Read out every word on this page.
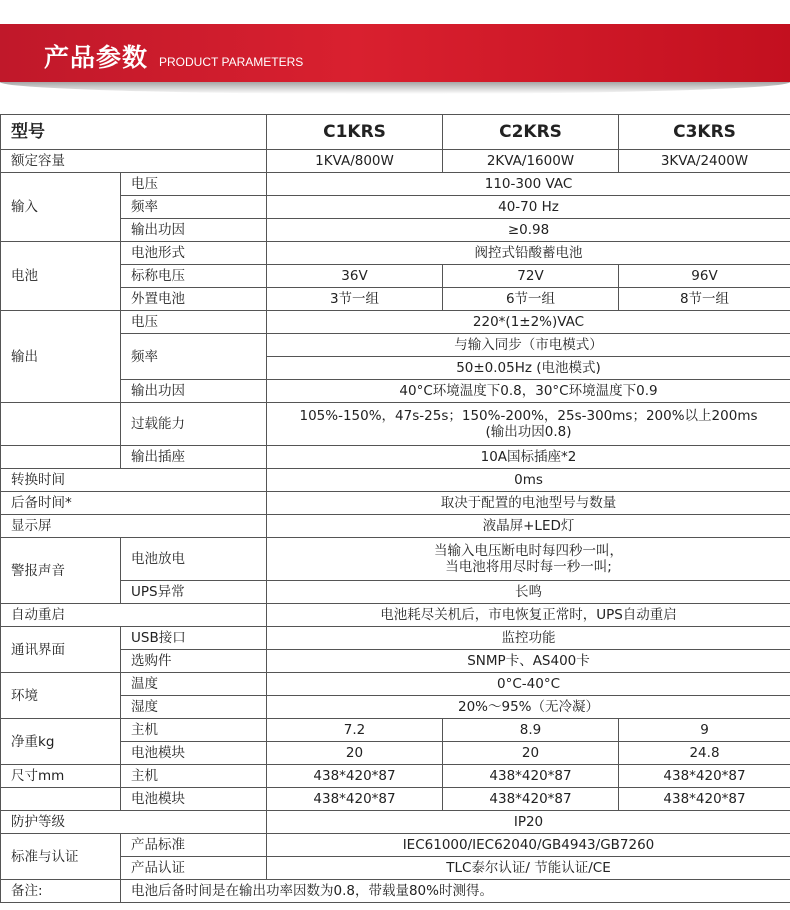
产品参数 PRODUCT PARAMETERS
型号		C1KRS	C2KRS	C3KRS
额定容量		1KVA/800W	2KVA/1600W	3KVA/2400W
输入	电压	110-300 VAC		
	频率	40-70 Hz		
	输出功因	≥0.98		
电池	电池形式	阀控式铅酸蓄电池		
	标称电压	36V	72V	96V
	外置电池	3节一组	6节一组	8节一组
输出	电压	220*(1±2%)VAC		
	频率	与输入同步（市电模式）		
		50±0.05Hz (电池模式)		
	输出功因	40°C环境温度下0.8，30°C环境温度下0.9		
	过载能力	105%-150%，47s-25s；150%-200%，25s-300ms；200%以上200ms
(输出功因0.8)		

	输出插座	10A国标插座*2		
转换时间		0ms		
后备时间*		取决于配置的电池型号与数量		
显示屏		液晶屏+LED灯		
警报声音	电池放电	当输入电压断电时每四秒一叫，
当电池将用尽时每一秒一叫;		

	UPS异常	长鸣		
自动重启		电池耗尽关机后，市电恢复正常时，UPS自动重启		
通讯界面	USB接口	监控功能		
	选购件	SNMP卡、AS400卡		
环境	温度	0°C-40°C		
	湿度	20%～95%（无冷凝）		
净重kg	主机	7.2	8.9	9
	电池模块	20	20	24.8
尺寸mm	主机	438*420*87	438*420*87	438*420*87
	电池模块	438*420*87	438*420*87	438*420*87
防护等级		IP20		
标准与认证	产品标准	IEC61000/IEC62040/GB4943/GB7260		
	产品认证	TLC泰尔认证/ 节能认证/CE		
备注:	电池后备时间是在输出功率因数为0.8，带载量80%时测得。			
